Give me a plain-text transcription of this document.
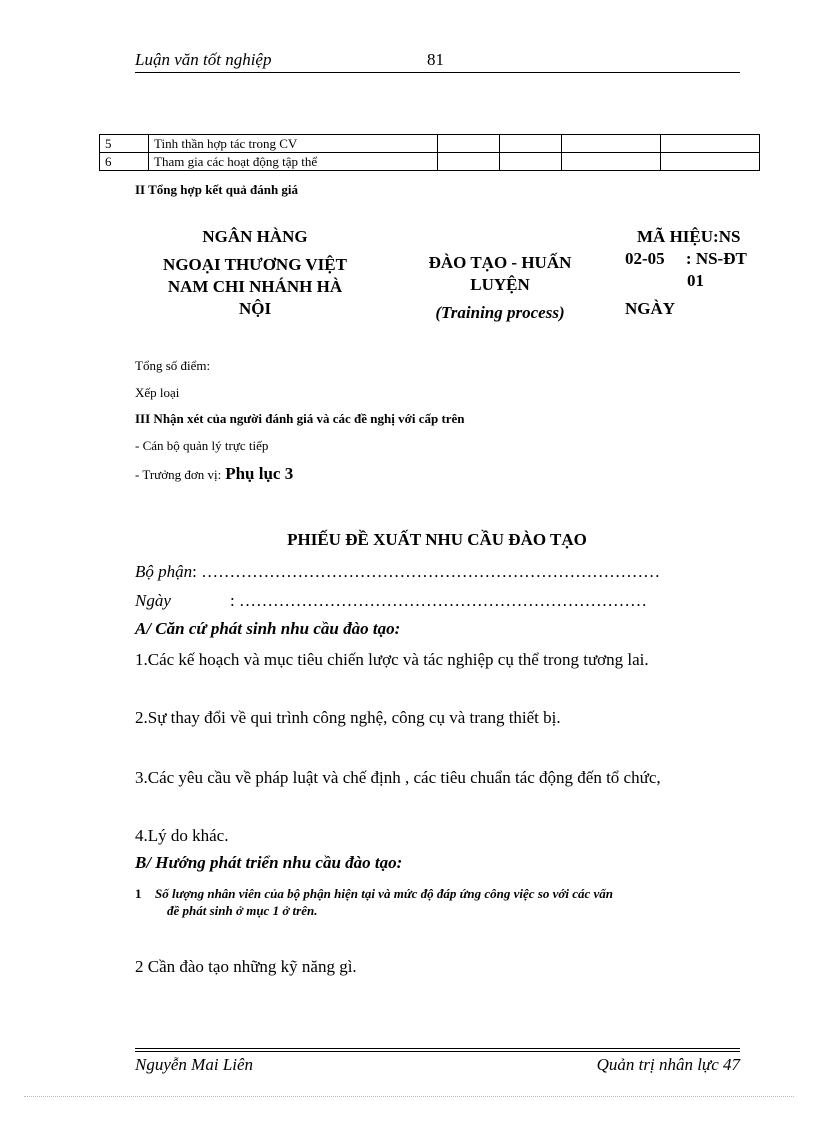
Luận văn tốt nghiệp	81
5	Tinh thần hợp tác trong CV				
6	Tham gia các hoạt động tập thể				
II Tổng hợp kết quả đánh giá
NGÂN HÀNG
NGOẠI THƯƠNG VIỆT
NAM CHI NHÁNH HÀ
NỘI
ĐÀO TẠO - HUẤN
LUYỆN
(Training process)
MÃ HIỆU:NS
02-05     : NS-ĐT
01
NGÀY
Tổng số điểm:
Xếp loại
III Nhận xét của người đánh giá và các đề nghị với cấp trên
- Cán bộ quản lý trực tiếp
- Trưởng đơn vị: Phụ lục 3
PHIẾU ĐỀ XUẤT NHU CẦU ĐÀO TẠO
Bộ phận: ………………………………………………………………………
Ngày	: ………………………………………………………………
A/ Căn cứ phát sinh nhu cầu đào tạo:
1.Các kế hoạch và mục tiêu chiến lược và tác nghiệp cụ thể trong tương lai.
2.Sự thay đổi về qui trình công nghệ, công cụ và trang thiết bị.
3.Các yêu cầu về pháp luật và chế định , các tiêu chuẩn tác động đến tổ chức,
4.Lý do khác.
B/ Hướng phát triển nhu cầu đào tạo:
1 Số lượng nhân viên của bộ phận hiện tại và mức độ đáp ứng công việc so với các vấn
đề phát sinh ở mục 1 ở trên.
2 Cần đào tạo những kỹ năng gì.
Nguyễn Mai Liên	Quản trị nhân lực 47
